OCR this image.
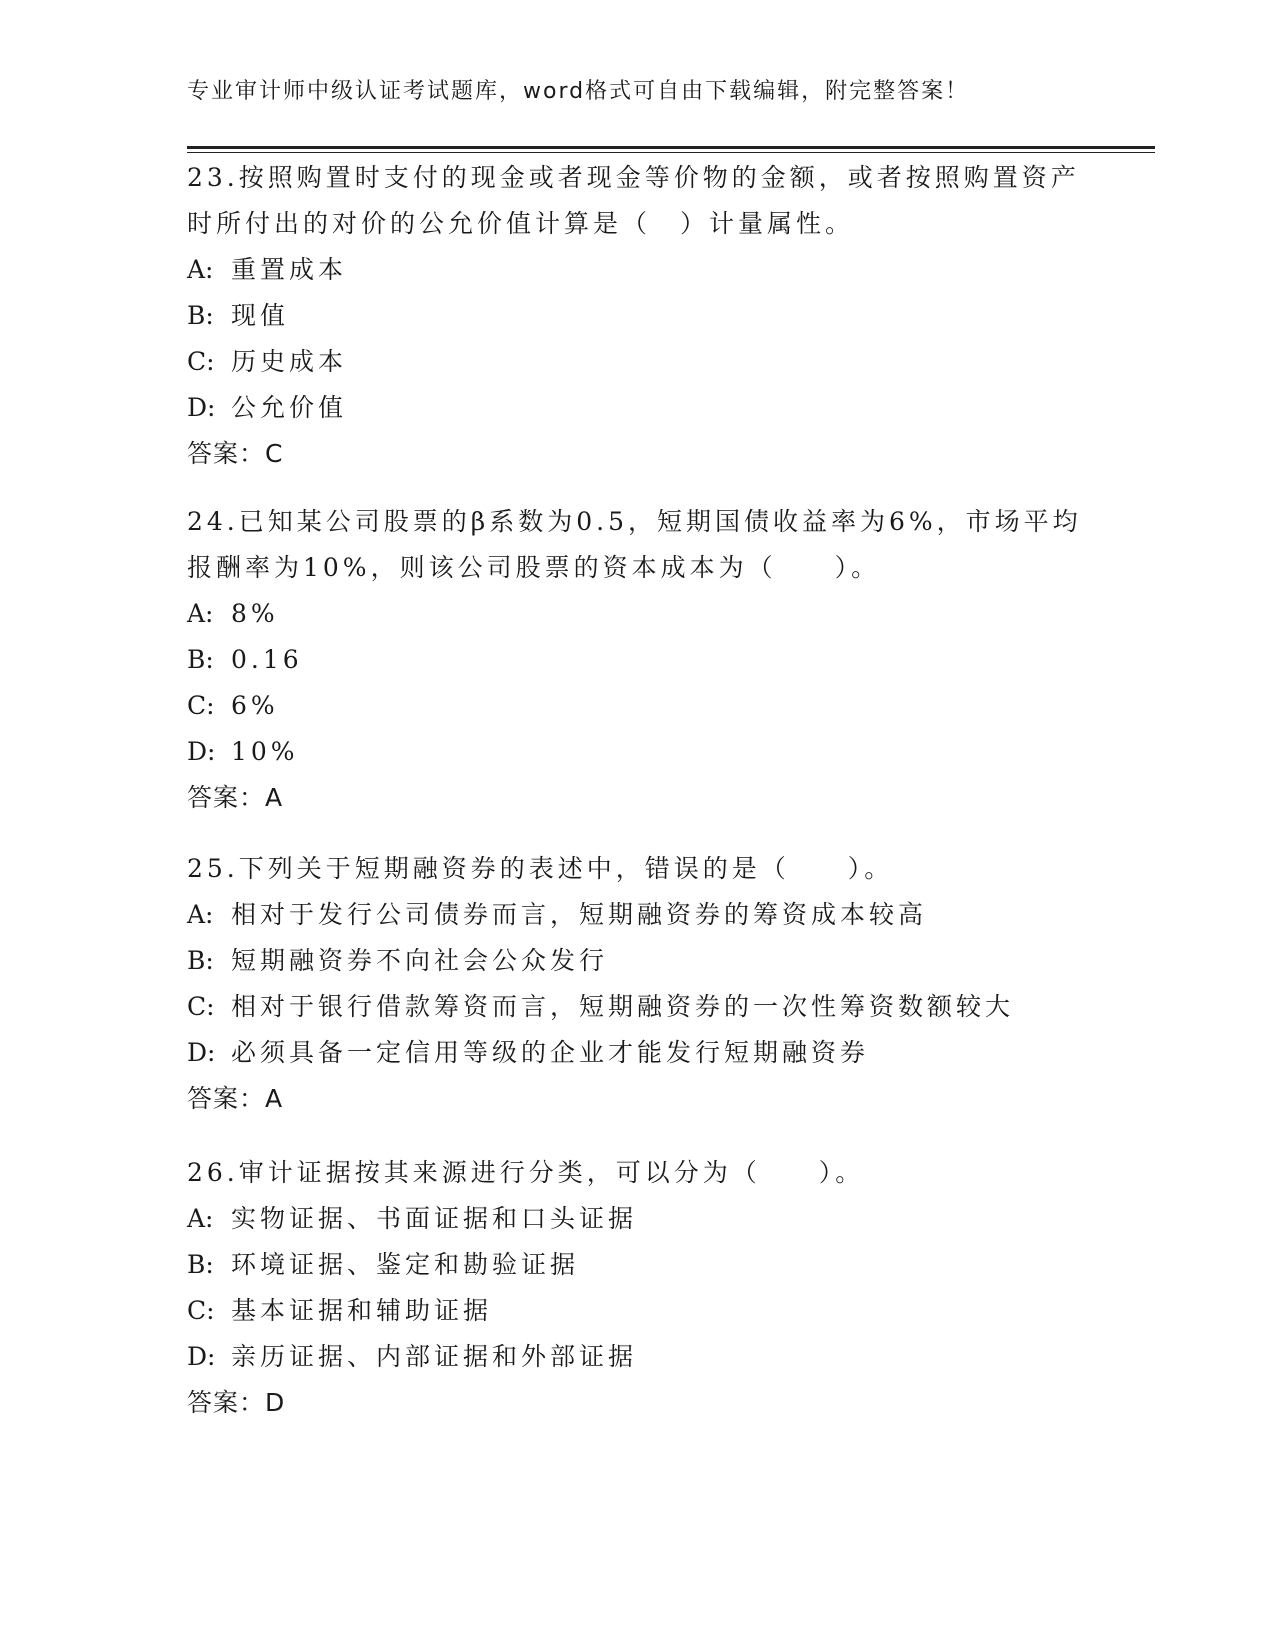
专业审计师中级认证考试题库，word格式可自由下载编辑，附完整答案！

23.按照购置时支付的现金或者现金等价物的金额，或者按照购置资产时所付出的对价的公允价值计算是（　）计量属性。

A: 重置成本
B: 现值
C: 历史成本
D: 公允价值
答案：C

24.已知某公司股票的β系数为0.5，短期国债收益率为6%，市场平均报酬率为10%，则该公司股票的资本成本为（　　）。

A: 8%
B: 0.16
C: 6%
D: 10%
答案：A

25.下列关于短期融资券的表述中，错误的是（　　）。

A: 相对于发行公司债券而言，短期融资券的筹资成本较高
B: 短期融资券不向社会公众发行
C: 相对于银行借款筹资而言，短期融资券的一次性筹资数额较大
D: 必须具备一定信用等级的企业才能发行短期融资券
答案：A

26.审计证据按其来源进行分类，可以分为（　　）。

A: 实物证据、书面证据和口头证据
B: 环境证据、鉴定和勘验证据
C: 基本证据和辅助证据
D: 亲历证据、内部证据和外部证据
答案：D
